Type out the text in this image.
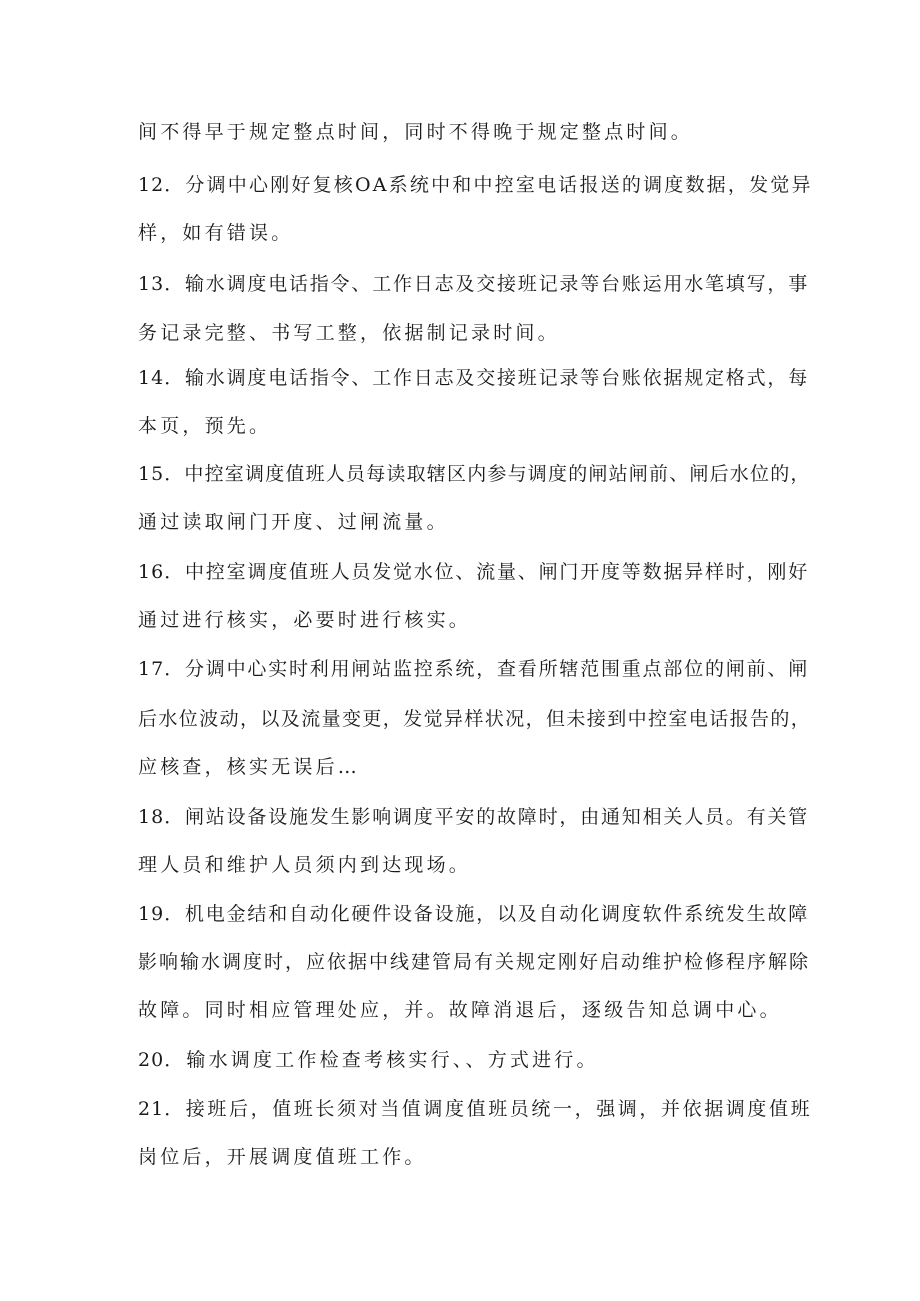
间不得早于规定整点时间，同时不得晚于规定整点时间。
12．分调中心刚好复核OA系统中和中控室电话报送的调度数据，发觉异
样，如有错误。
13．输水调度电话指令、工作日志及交接班记录等台账运用水笔填写，事
务记录完整、书写工整，依据制记录时间。
14．输水调度电话指令、工作日志及交接班记录等台账依据规定格式，每
本页，预先。
15．中控室调度值班人员每读取辖区内参与调度的闸站闸前、闸后水位的，
通过读取闸门开度、过闸流量。
16．中控室调度值班人员发觉水位、流量、闸门开度等数据异样时，刚好
通过进行核实，必要时进行核实。
17．分调中心实时利用闸站监控系统，查看所辖范围重点部位的闸前、闸
后水位波动，以及流量变更，发觉异样状况，但未接到中控室电话报告的，
应核查，核实无误后…
18．闸站设备设施发生影响调度平安的故障时，由通知相关人员。有关管
理人员和维护人员须内到达现场。
19．机电金结和自动化硬件设备设施，以及自动化调度软件系统发生故障
影响输水调度时，应依据中线建管局有关规定刚好启动维护检修程序解除
故障。同时相应管理处应，并。故障消退后，逐级告知总调中心。
20．输水调度工作检查考核实行、、方式进行。
21．接班后，值班长须对当值调度值班员统一，强调，并依据调度值班
岗位后，开展调度值班工作。
